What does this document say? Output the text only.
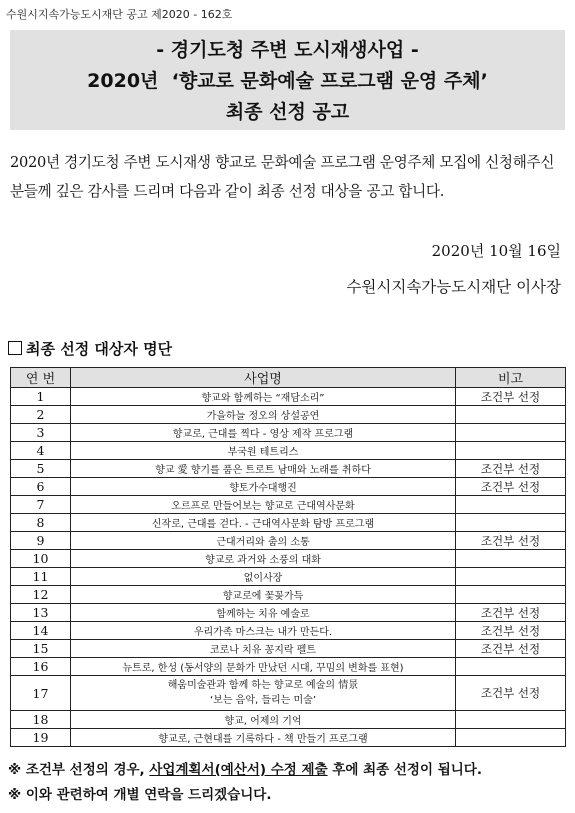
수원시지속가능도시재단 공고 제2020 - 162호
- 경기도청 주변 도시재생사업 -
2020년  ‘향교로 문화예술 프로그램 운영 주체’
최종 선정 공고
2020년 경기도청 주변 도시재생 향교로 문화예술 프로그램 운영주체 모집에 신청해주신 분들께 깊은 감사를 드리며 다음과 같이 최종 선정 대상을 공고 합니다.
2020년 10월 16일
수원시지속가능도시재단 이사장
최종 선정 대상자 명단
연 번	사업명	비고
1	향교와 함께하는 “재담소리”	조건부 선정
2	가을하늘 정오의 상설공연	
3	향교로, 근대를 찍다 - 영상 제작 프로그램	
4	부국원 테트리스	
5	향교 愛 향기를 품은 트로트 남매와 노래를 취하다	조건부 선정
6	향토가수대행진	조건부 선정
7	오르프로 만들어보는 향교로 근대역사문화	
8	신작로, 근대를 걷다. - 근대역사문화 탐방 프로그램	
9	근대거리와 춤의 소통	조건부 선정
10	향교로 과거와 소풍의 대화	
11	없이사장	
12	향교로에 꽃꽂가득	
13	함께하는 치유 예술로	조건부 선정
14	우리가족 마스크는 내가 만든다.	조건부 선정
15	코로나 치유 꽁지락 펠트	조건부 선정
16	뉴트로, 한성 (동서양의 문화가 만났던 시대, 꾸밈의 변화를 표현)	
17	해움미술관과 함께 하는 향교로 예술의 情景
‘보는 음악, 들리는 미술’	조건부 선정
18	향교, 어제의 기억	
19	향교로, 근현대를 기록하다 - 책 만들기 프로그램	
※ 조건부 선정의 경우, 사업계획서(예산서) 수정 제출 후에 최종 선정이 됩니다.
※ 이와 관련하여 개별 연락을 드리겠습니다.
